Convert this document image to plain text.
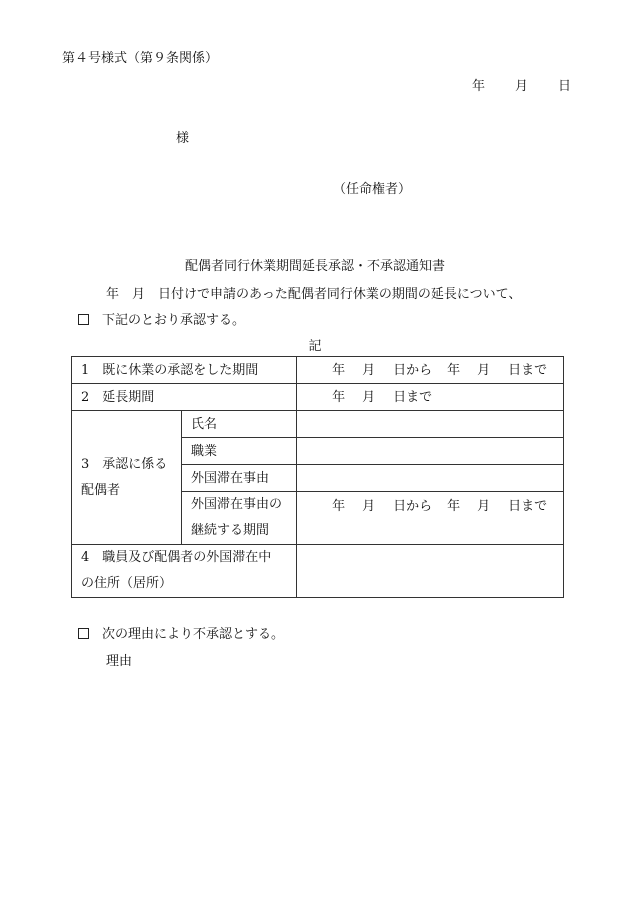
第４号様式（第９条関係）
年 月 日
様
（任命権者）
配偶者同行休業期間延長承認・不承認通知書
年　月　日付けで申請のあった配偶者同行休業の期間の延長について、
下記のとおり承認する。
記
1　既に休業の承認をした期間		年 月 日から 年 月 日まで
2　延長期間		年 月 日まで

3　承認に係る
配偶者	氏名	
	職業	
	外国滞在事由	

	外国滞在事由の
継続する期間	年 月 日から 年 月 日まで

4　職員及び配偶者の外国滞在中
の住所（居所）		

次の理由により不承認とする。
理由
